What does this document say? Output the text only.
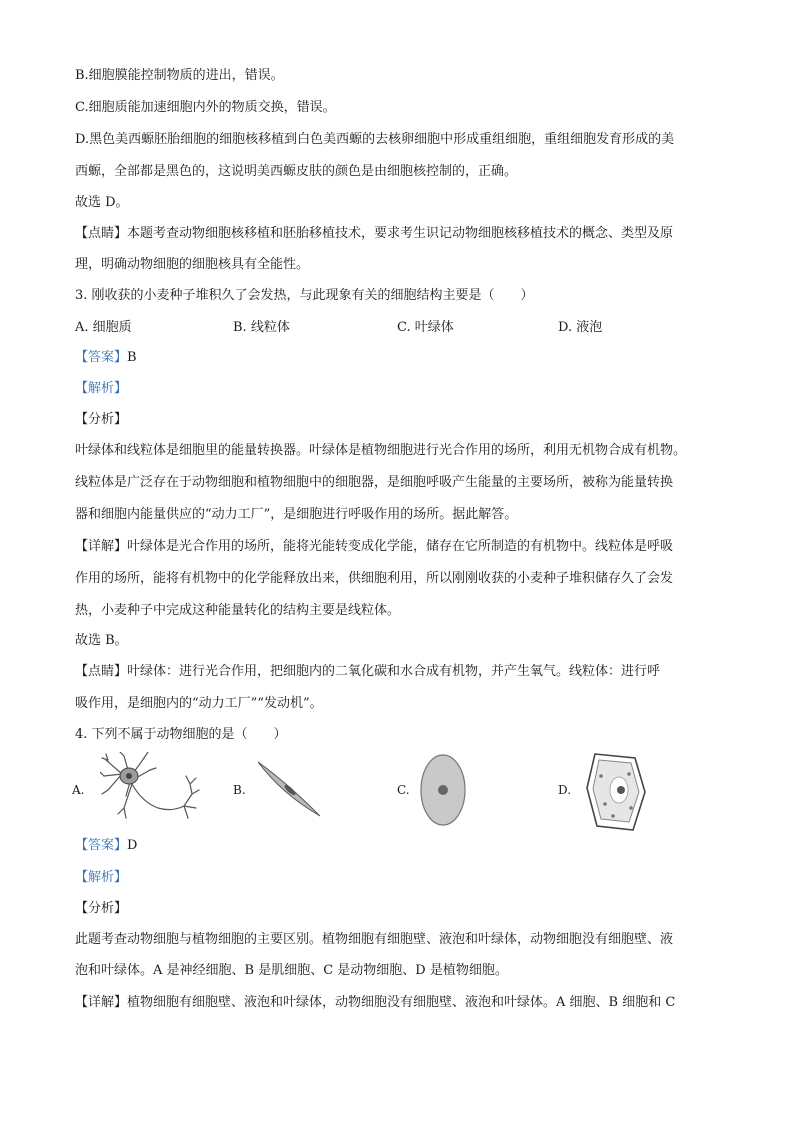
B.细胞膜能控制物质的进出，错误。
C.细胞质能加速细胞内外的物质交换，错误。
D.黑色美西螈胚胎细胞的细胞核移植到白色美西螈的去核卵细胞中形成重组细胞，重组细胞发育形成的美
西螈，全部都是黑色的，这说明美西螈皮肤的颜色是由细胞核控制的，正确。
故选 D。
【点睛】本题考查动物细胞核移植和胚胎移植技术，要求考生识记动物细胞核移植技术的概念、类型及原
理，明确动物细胞的细胞核具有全能性。
3. 刚收获的小麦种子堆积久了会发热，与此现象有关的细胞结构主要是（　　）
A. 细胞质	B. 线粒体	C. 叶绿体	D. 液泡
【答案】B
【解析】
【分析】
叶绿体和线粒体是细胞里的能量转换器。叶绿体是植物细胞进行光合作用的场所，利用无机物合成有机物。
线粒体是广泛存在于动物细胞和植物细胞中的细胞器，是细胞呼吸产生能量的主要场所，被称为能量转换
器和细胞内能量供应的“动力工厂”，是细胞进行呼吸作用的场所。据此解答。
【详解】叶绿体是光合作用的场所，能将光能转变成化学能，储存在它所制造的有机物中。线粒体是呼吸
作用的场所，能将有机物中的化学能释放出来，供细胞利用，所以刚刚收获的小麦种子堆积储存久了会发
热，小麦种子中完成这种能量转化的结构主要是线粒体。
故选 B。
【点睛】叶绿体：进行光合作用，把细胞内的二氧化碳和水合成有机物，并产生氧气。线粒体：进行呼
吸作用，是细胞内的“动力工厂”“发动机”。
4. 下列不属于动物细胞的是（　　）
A.	B.	C.	D.
【答案】D
【解析】
【分析】
此题考查动物细胞与植物细胞的主要区别。植物细胞有细胞壁、液泡和叶绿体，动物细胞没有细胞壁、液
泡和叶绿体。A 是神经细胞、B 是肌细胞、C 是动物细胞、D 是植物细胞。
【详解】植物细胞有细胞壁、液泡和叶绿体，动物细胞没有细胞壁、液泡和叶绿体。A 细胞、B 细胞和 C
